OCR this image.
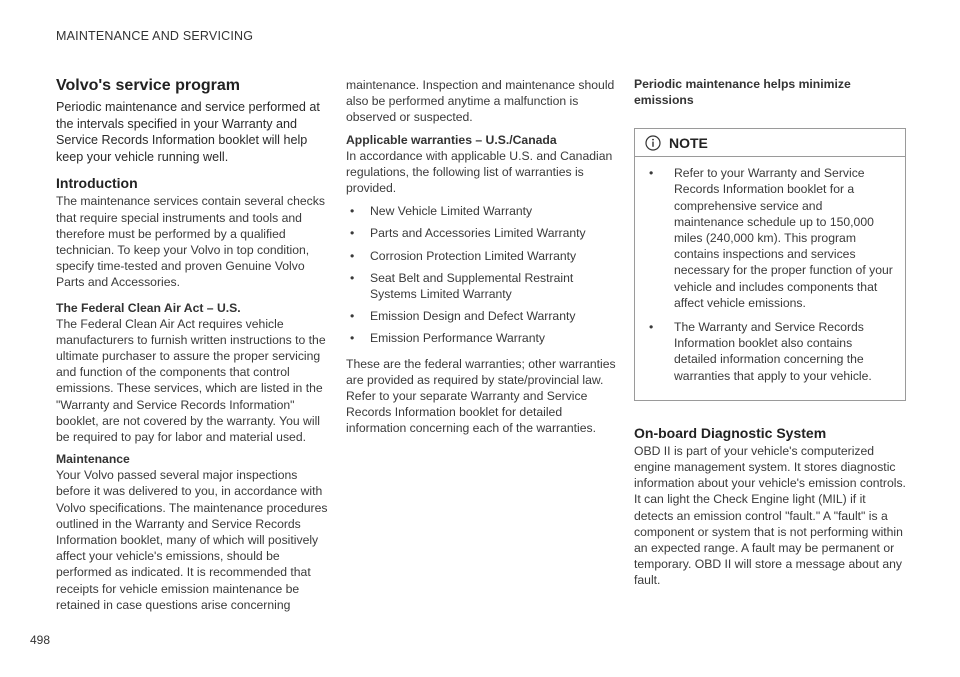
MAINTENANCE AND SERVICING

Volvo's service program

Periodic maintenance and service performed at the intervals specified in your Warranty and Service Records Information booklet will help keep your vehicle running well.

Introduction

The maintenance services contain several checks that require special instruments and tools and therefore must be performed by a qualified technician. To keep your Volvo in top condition, specify time-tested and proven Genuine Volvo Parts and Accessories.

The Federal Clean Air Act – U.S.

The Federal Clean Air Act requires vehicle manufacturers to furnish written instructions to the ultimate purchaser to assure the proper servicing and function of the components that control emissions. These services, which are listed in the "Warranty and Service Records Information" booklet, are not covered by the warranty. You will be required to pay for labor and material used.

Maintenance

Your Volvo passed several major inspections before it was delivered to you, in accordance with Volvo specifications. The maintenance procedures outlined in the Warranty and Service Records Information booklet, many of which will positively affect your vehicle's emissions, should be performed as indicated. It is recommended that receipts for vehicle emission maintenance be retained in case questions arise concerning

maintenance. Inspection and maintenance should also be performed anytime a malfunction is observed or suspected.

Applicable warranties – U.S./Canada

In accordance with applicable U.S. and Canadian regulations, the following list of warranties is provided.

• New Vehicle Limited Warranty
• Parts and Accessories Limited Warranty
• Corrosion Protection Limited Warranty
• Seat Belt and Supplemental Restraint Systems Limited Warranty
• Emission Design and Defect Warranty
• Emission Performance Warranty

These are the federal warranties; other warranties are provided as required by state/provincial law. Refer to your separate Warranty and Service Records Information booklet for detailed information concerning each of the warranties.

Periodic maintenance helps minimize emissions

NOTE
• Refer to your Warranty and Service Records Information booklet for a comprehensive service and maintenance schedule up to 150,000 miles (240,000 km). This program contains inspections and services necessary for the proper function of your vehicle and includes components that affect vehicle emissions.
• The Warranty and Service Records Information booklet also contains detailed information concerning the warranties that apply to your vehicle.

On-board Diagnostic System

OBD II is part of your vehicle's computerized engine management system. It stores diagnostic information about your vehicle's emission controls. It can light the Check Engine light (MIL) if it detects an emission control "fault." A "fault" is a component or system that is not performing within an expected range. A fault may be permanent or temporary. OBD II will store a message about any fault.

498
